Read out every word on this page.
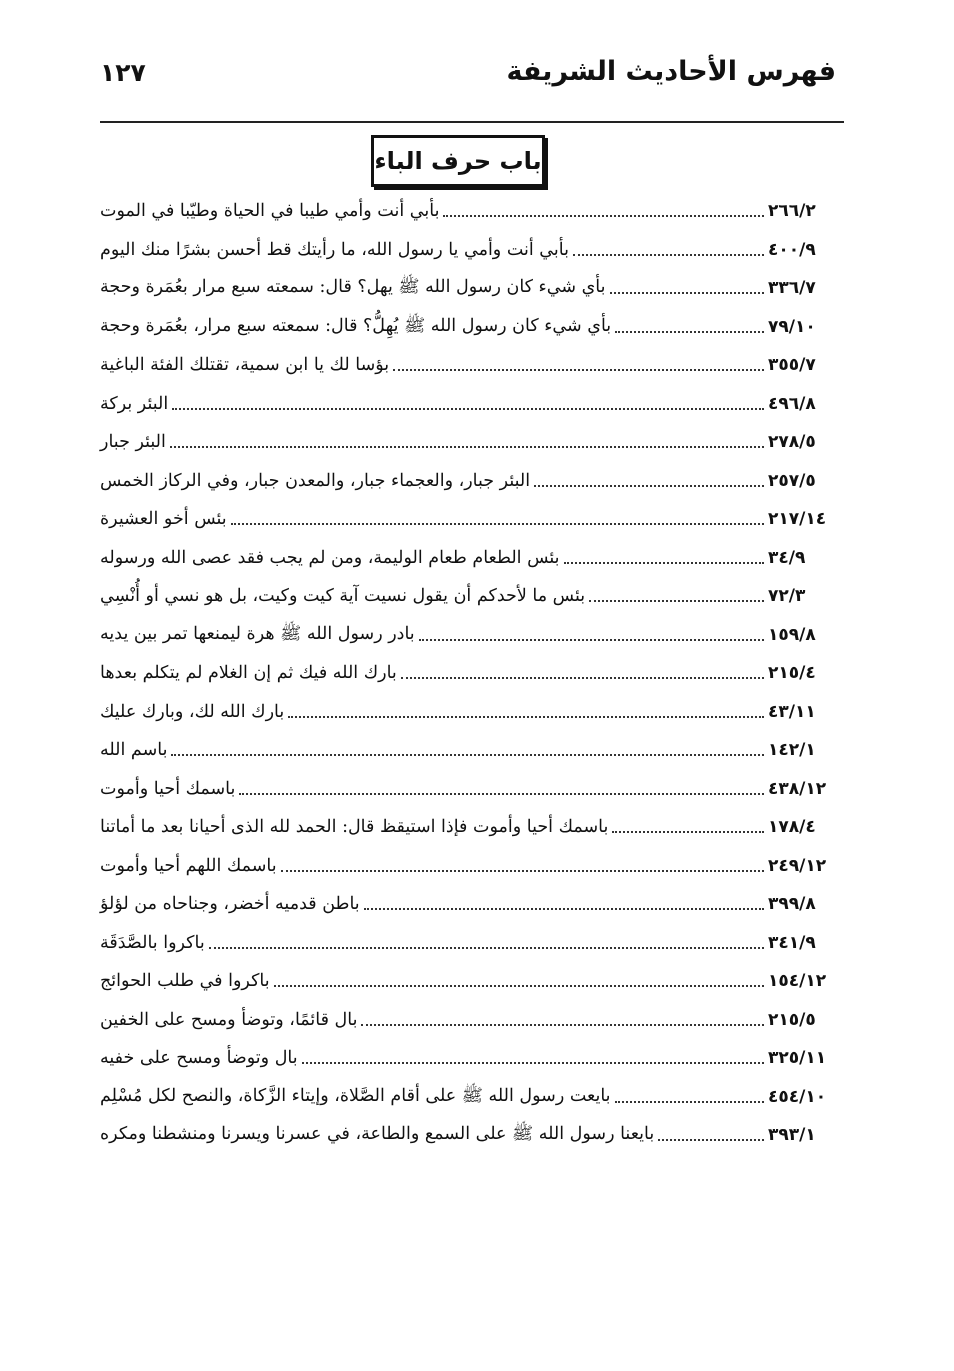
فهرس الأحاديث الشريفة
١٢٧
باب حرف الباء
بأبي أنت وأمي طيبا في الحياة وطيّبا في الموت	٢٦٦/٢
بأبي أنت وأمي يا رسول الله، ما رأيتك قط أحسن بشرًا منك اليوم	٤٠٠/٩
بأي شيء كان رسول الله ﷺ يهل؟ قال: سمعته سبع مرار بعُمَرة وحجة	٣٣٦/٧
بأي شيء كان رسول الله ﷺ يُهِلُّ؟ قال: سمعته سبع مرار، بعُمَرة وحجة	٧٩/١٠
بؤسا لك يا ابن سمية، تقتلك الفئة الباغية	٣٥٥/٧
البئر بركة	٤٩٦/٨
البئر جبار	٢٧٨/٥
البئر جبار، والعجماء جبار، والمعدن جبار، وفي الركاز الخمس	٢٥٧/٥
بئس أخو العشيرة	٢١٧/١٤
بئس الطعام طعام الوليمة، ومن لم يجب فقد عصى الله ورسوله	٣٤/٩
بئس ما لأحدكم أن يقول نسيت آية كيت وكيت، بل هو نسي أو أُنْسِي	٧٢/٣
بادر رسول الله ﷺ هرة ليمنعها تمر بين يديه	١٥٩/٨
بارك الله فيك ثم إن الغلام لم يتكلم بعدها	٢١٥/٤
بارك الله لك، وبارك عليك	٤٣/١١
باسم الله	١٤٢/١
باسمك أحيا وأموت	٤٣٨/١٢
باسمك أحيا وأموت فإذا استيقظ قال: الحمد لله الذى أحيانا بعد ما أماتنا	١٧٨/٤
باسمك اللهم أحيا وأموت	٢٤٩/١٢
باطن قدميه أخضر، وجناحاه من لؤلؤ	٣٩٩/٨
باكروا بالصَّدَقَة	٣٤١/٩
باكروا في طلب الحوائج	١٥٤/١٢
بال قائمًا، وتوضأ ومسح على الخفين	٢١٥/٥
بال وتوضأ ومسح على خفيه	٣٢٥/١١
بايعت رسول الله ﷺ على أقام الصَّلاة، وإيتاء الزَّكاة، والنصح لكل مُسْلِم	٤٥٤/١٠
بايعنا رسول الله ﷺ على السمع والطاعة، في عسرنا ويسرنا ومنشطنا ومكره	٣٩٣/١
